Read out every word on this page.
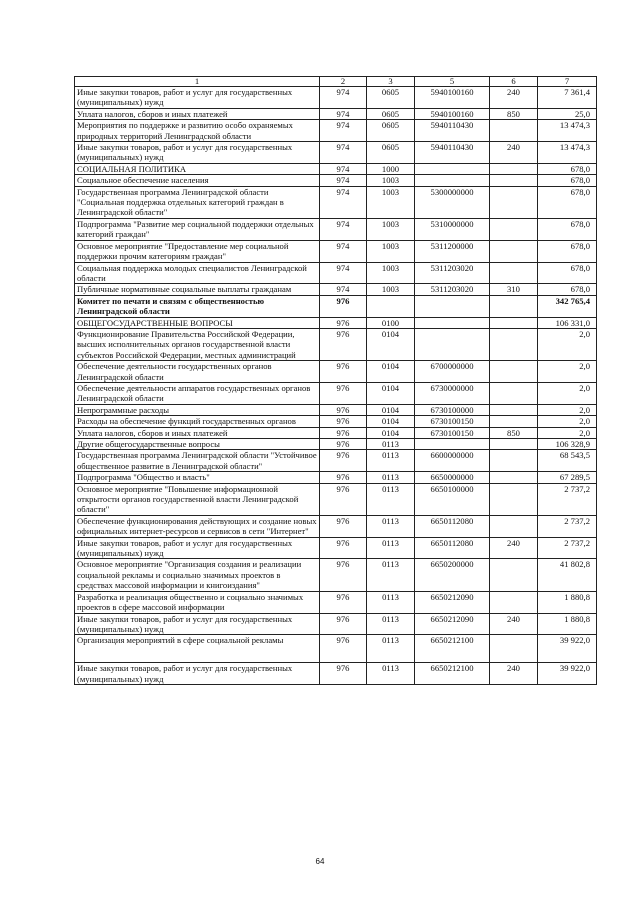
1	2	3	5	6	7
Иные закупки товаров, работ и услуг для государственных (муниципальных) нужд	974	0605	5940100160	240	7 361,4
Уплата налогов, сборов и иных платежей	974	0605	5940100160	850	25,0
Мероприятия по поддержке и развитию особо охраняемых природных территорий Ленинградской области	974	0605	5940110430		13 474,3
Иные закупки товаров, работ и услуг для государственных (муниципальных) нужд	974	0605	5940110430	240	13 474,3
СОЦИАЛЬНАЯ ПОЛИТИКА	974	1000			678,0
Социальное обеспечение населения	974	1003			678,0
Государственная программа Ленинградской области "Социальная поддержка отдельных категорий граждан в Ленинградской области"	974	1003	5300000000		678,0
Подпрограмма "Развитие мер социальной поддержки отдельных категорий граждан"	974	1003	5310000000		678,0
Основное мероприятие "Предоставление мер социальной поддержки прочим категориям граждан"	974	1003	5311200000		678,0
Социальная поддержка молодых специалистов Ленинградской области	974	1003	5311203020		678,0
Публичные нормативные социальные выплаты гражданам	974	1003	5311203020	310	678,0
Комитет по печати и связям с общественностью Ленинградской области	976				342 765,4
ОБЩЕГОСУДАРСТВЕННЫЕ ВОПРОСЫ	976	0100			106 331,0
Функционирование Правительства Российской Федерации, высших исполнительных органов государственной власти субъектов Российской Федерации, местных администраций	976	0104			2,0
Обеспечение деятельности государственных органов Ленинградской области	976	0104	6700000000		2,0
Обеспечение деятельности аппаратов государственных органов Ленинградской области	976	0104	6730000000		2,0
Непрограммные расходы	976	0104	6730100000		2,0
Расходы на обеспечение функций государственных органов	976	0104	6730100150		2,0
Уплата налогов, сборов и иных платежей	976	0104	6730100150	850	2,0
Другие общегосударственные вопросы	976	0113			106 328,9
Государственная программа Ленинградской области "Устойчивое общественное развитие в Ленинградской области"	976	0113	6600000000		68 543,5
Подпрограмма "Общество и власть"	976	0113	6650000000		67 289,5
Основное мероприятие "Повышение информационной открытости органов государственной власти Ленинградской области"	976	0113	6650100000		2 737,2
Обеспечение функционирования действующих и создание новых официальных интернет-ресурсов и сервисов в сети "Интернет"	976	0113	6650112080		2 737,2
Иные закупки товаров, работ и услуг для государственных (муниципальных) нужд	976	0113	6650112080	240	2 737,2
Основное мероприятие "Организация создания и реализации социальной рекламы и социально значимых проектов в средствах массовой информации и книгоиздания"	976	0113	6650200000		41 802,8
Разработка и реализация общественно и социально значимых проектов в сфере массовой информации	976	0113	6650212090		1 880,8
Иные закупки товаров, работ и услуг для государственных (муниципальных) нужд	976	0113	6650212090	240	1 880,8
Организация мероприятий в сфере социальной рекламы	976	0113	6650212100		39 922,0
Иные закупки товаров, работ и услуг для государственных (муниципальных) нужд	976	0113	6650212100	240	39 922,0
64
